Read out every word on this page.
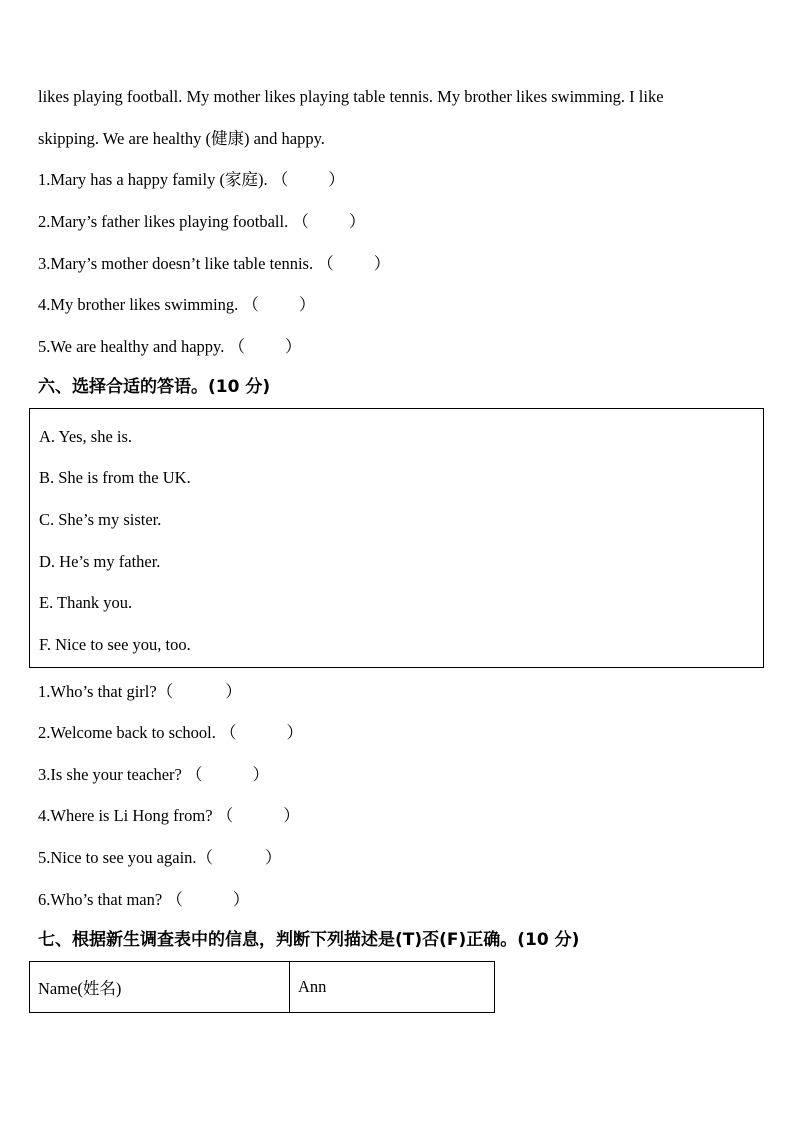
likes playing football. My mother likes playing table tennis. My brother likes swimming. I like
skipping. We are healthy (健康) and happy.
1.Mary has a happy family (家庭). （ ）
2.Mary’s father likes playing football. （ ）
3.Mary’s mother doesn’t like table tennis. （ ）
4.My brother likes swimming. （ ）
5.We are healthy and happy. （ ）
六、选择合适的答语。(10 分)
A. Yes, she is.
B. She is from the UK.
C. She’s my sister.
D. He’s my father.
E. Thank you.
F. Nice to see you, too.
1.Who’s that girl?（	）
2.Welcome back to school. （	）
3.Is she your teacher? （	）
4.Where is Li Hong from? （	）
5.Nice to see you again.（	）
6.Who’s that man? （	）
七、根据新生调查表中的信息，判断下列描述是(T)否(F)正确。(10 分)
Name(姓名)	Ann
